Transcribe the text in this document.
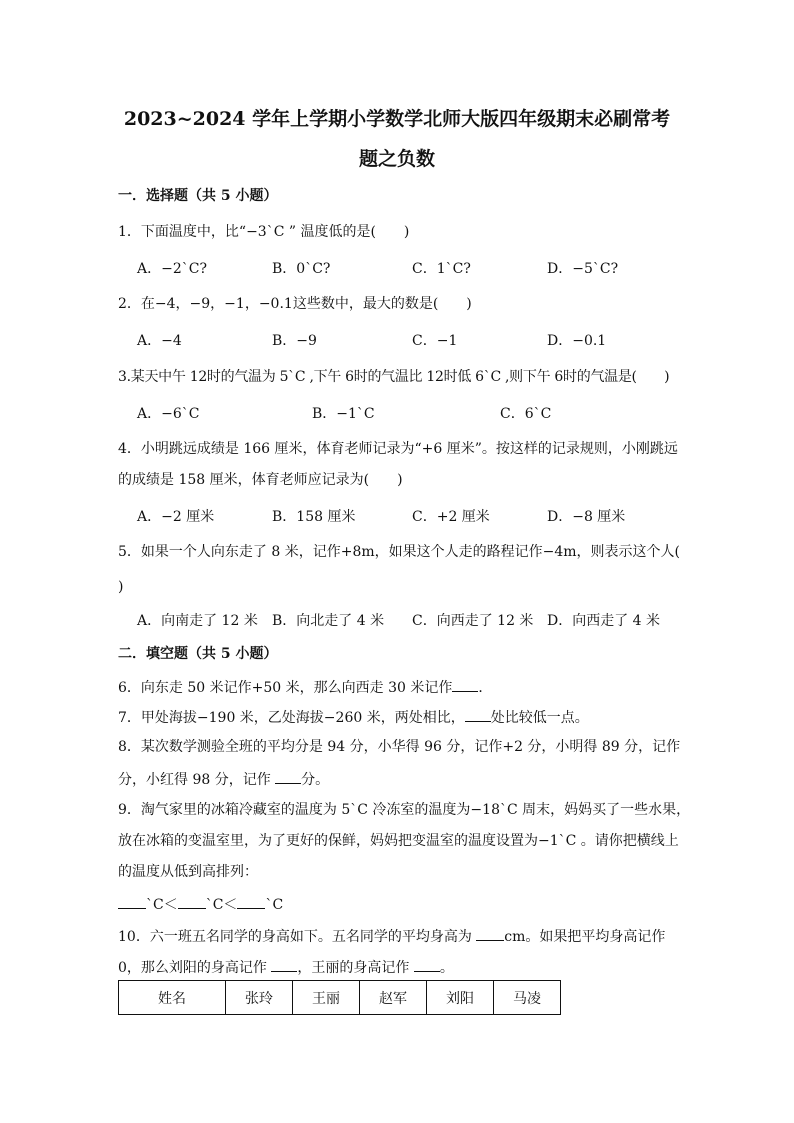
2023~2024 学年上学期小学数学北师大版四年级期末必刷常考
题之负数
一．选择题（共 5 小题）
1．下面温度中，比“−3ˋC ” 温度低的是(　　)
A．−2ˋC?	B．0ˋC?	C．1ˋC?	D．−5ˋC?
2．在−4，−9，−1，−0.1这些数中，最大的数是(　　)
A．−4	B．−9	C．−1	D．−0.1
3.某天中午 12时的气温为 5ˋC ,下午 6时的气温比 12时低 6ˋC ,则下午 6时的气温是(　　)
A．−6ˋC	B．−1ˋC	C．6ˋC
4．小明跳远成绩是 166 厘米，体育老师记录为“+6 厘米”。按这样的记录规则，小刚跳远
的成绩是 158 厘米，体育老师应记录为(　　)
A．−2 厘米	B．158 厘米	C．+2 厘米	D．−8 厘米
5．如果一个人向东走了 8 米，记作+8m，如果这个人走的路程记作−4m，则表示这个人(
)
A．向南走了 12 米 B．向北走了 4 米 C．向西走了 12 米 D．向西走了 4 米
二．填空题（共 5 小题）
6．向东走 50 米记作+50 米，那么向西走 30 米记作 ．
7．甲处海拔−190 米，乙处海拔−260 米，两处相比， 处比较低一点。
8．某次数学测验全班的平均分是 94 分，小华得 96 分，记作+2 分，小明得 89 分，记作
分，小红得 98 分，记作 分。
9．淘气家里的冰箱冷藏室的温度为 5ˋC 冷冻室的温度为−18ˋC 周末，妈妈买了一些水果，
放在冰箱的变温室里，为了更好的保鲜，妈妈把变温室的温度设置为−1ˋC 。请你把横线上
的温度从低到高排列：
ˋC＜ ˋC＜ ˋC
10．六一班五名同学的身高如下。五名同学的平均身高为 cm。如果把平均身高记作
0，那么刘阳的身高记作 ，王丽的身高记作 。
姓名	张玲	王丽	赵军	刘阳	马凌
